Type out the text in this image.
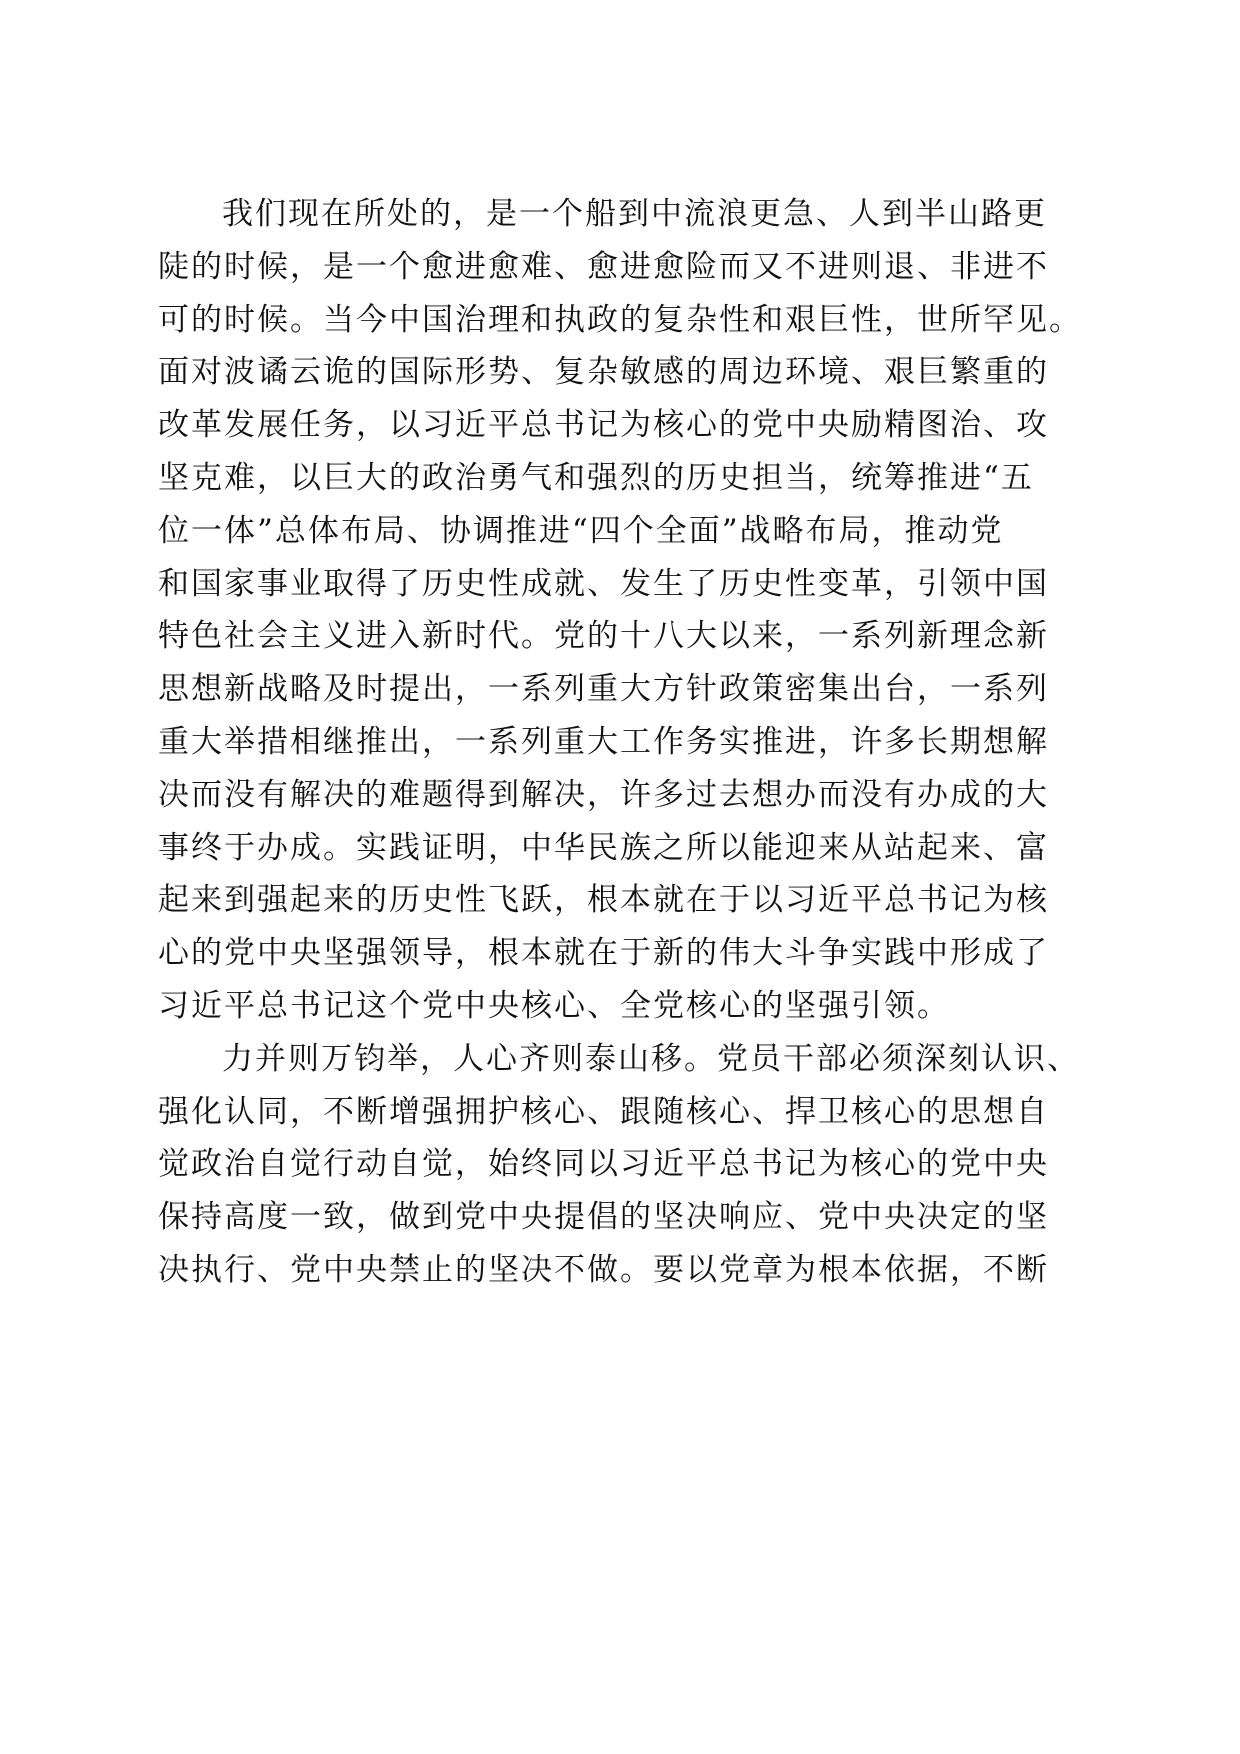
我们现在所处的，是一个船到中流浪更急、人到半山路更
陡的时候，是一个愈进愈难、愈进愈险而又不进则退、非进不
可的时候。当今中国治理和执政的复杂性和艰巨性，世所罕见。
面对波谲云诡的国际形势、复杂敏感的周边环境、艰巨繁重的
改革发展任务，以习近平总书记为核心的党中央励精图治、攻
坚克难，以巨大的政治勇气和强烈的历史担当，统筹推进“五
位一体”总体布局、协调推进“四个全面”战略布局，推动党
和国家事业取得了历史性成就、发生了历史性变革，引领中国
特色社会主义进入新时代。党的十八大以来，一系列新理念新
思想新战略及时提出，一系列重大方针政策密集出台，一系列
重大举措相继推出，一系列重大工作务实推进，许多长期想解
决而没有解决的难题得到解决，许多过去想办而没有办成的大
事终于办成。实践证明，中华民族之所以能迎来从站起来、富
起来到强起来的历史性飞跃，根本就在于以习近平总书记为核
心的党中央坚强领导，根本就在于新的伟大斗争实践中形成了
习近平总书记这个党中央核心、全党核心的坚强引领。
力并则万钧举，人心齐则泰山移。党员干部必须深刻认识、
强化认同，不断增强拥护核心、跟随核心、捍卫核心的思想自
觉政治自觉行动自觉，始终同以习近平总书记为核心的党中央
保持高度一致，做到党中央提倡的坚决响应、党中央决定的坚
决执行、党中央禁止的坚决不做。要以党章为根本依据，不断
